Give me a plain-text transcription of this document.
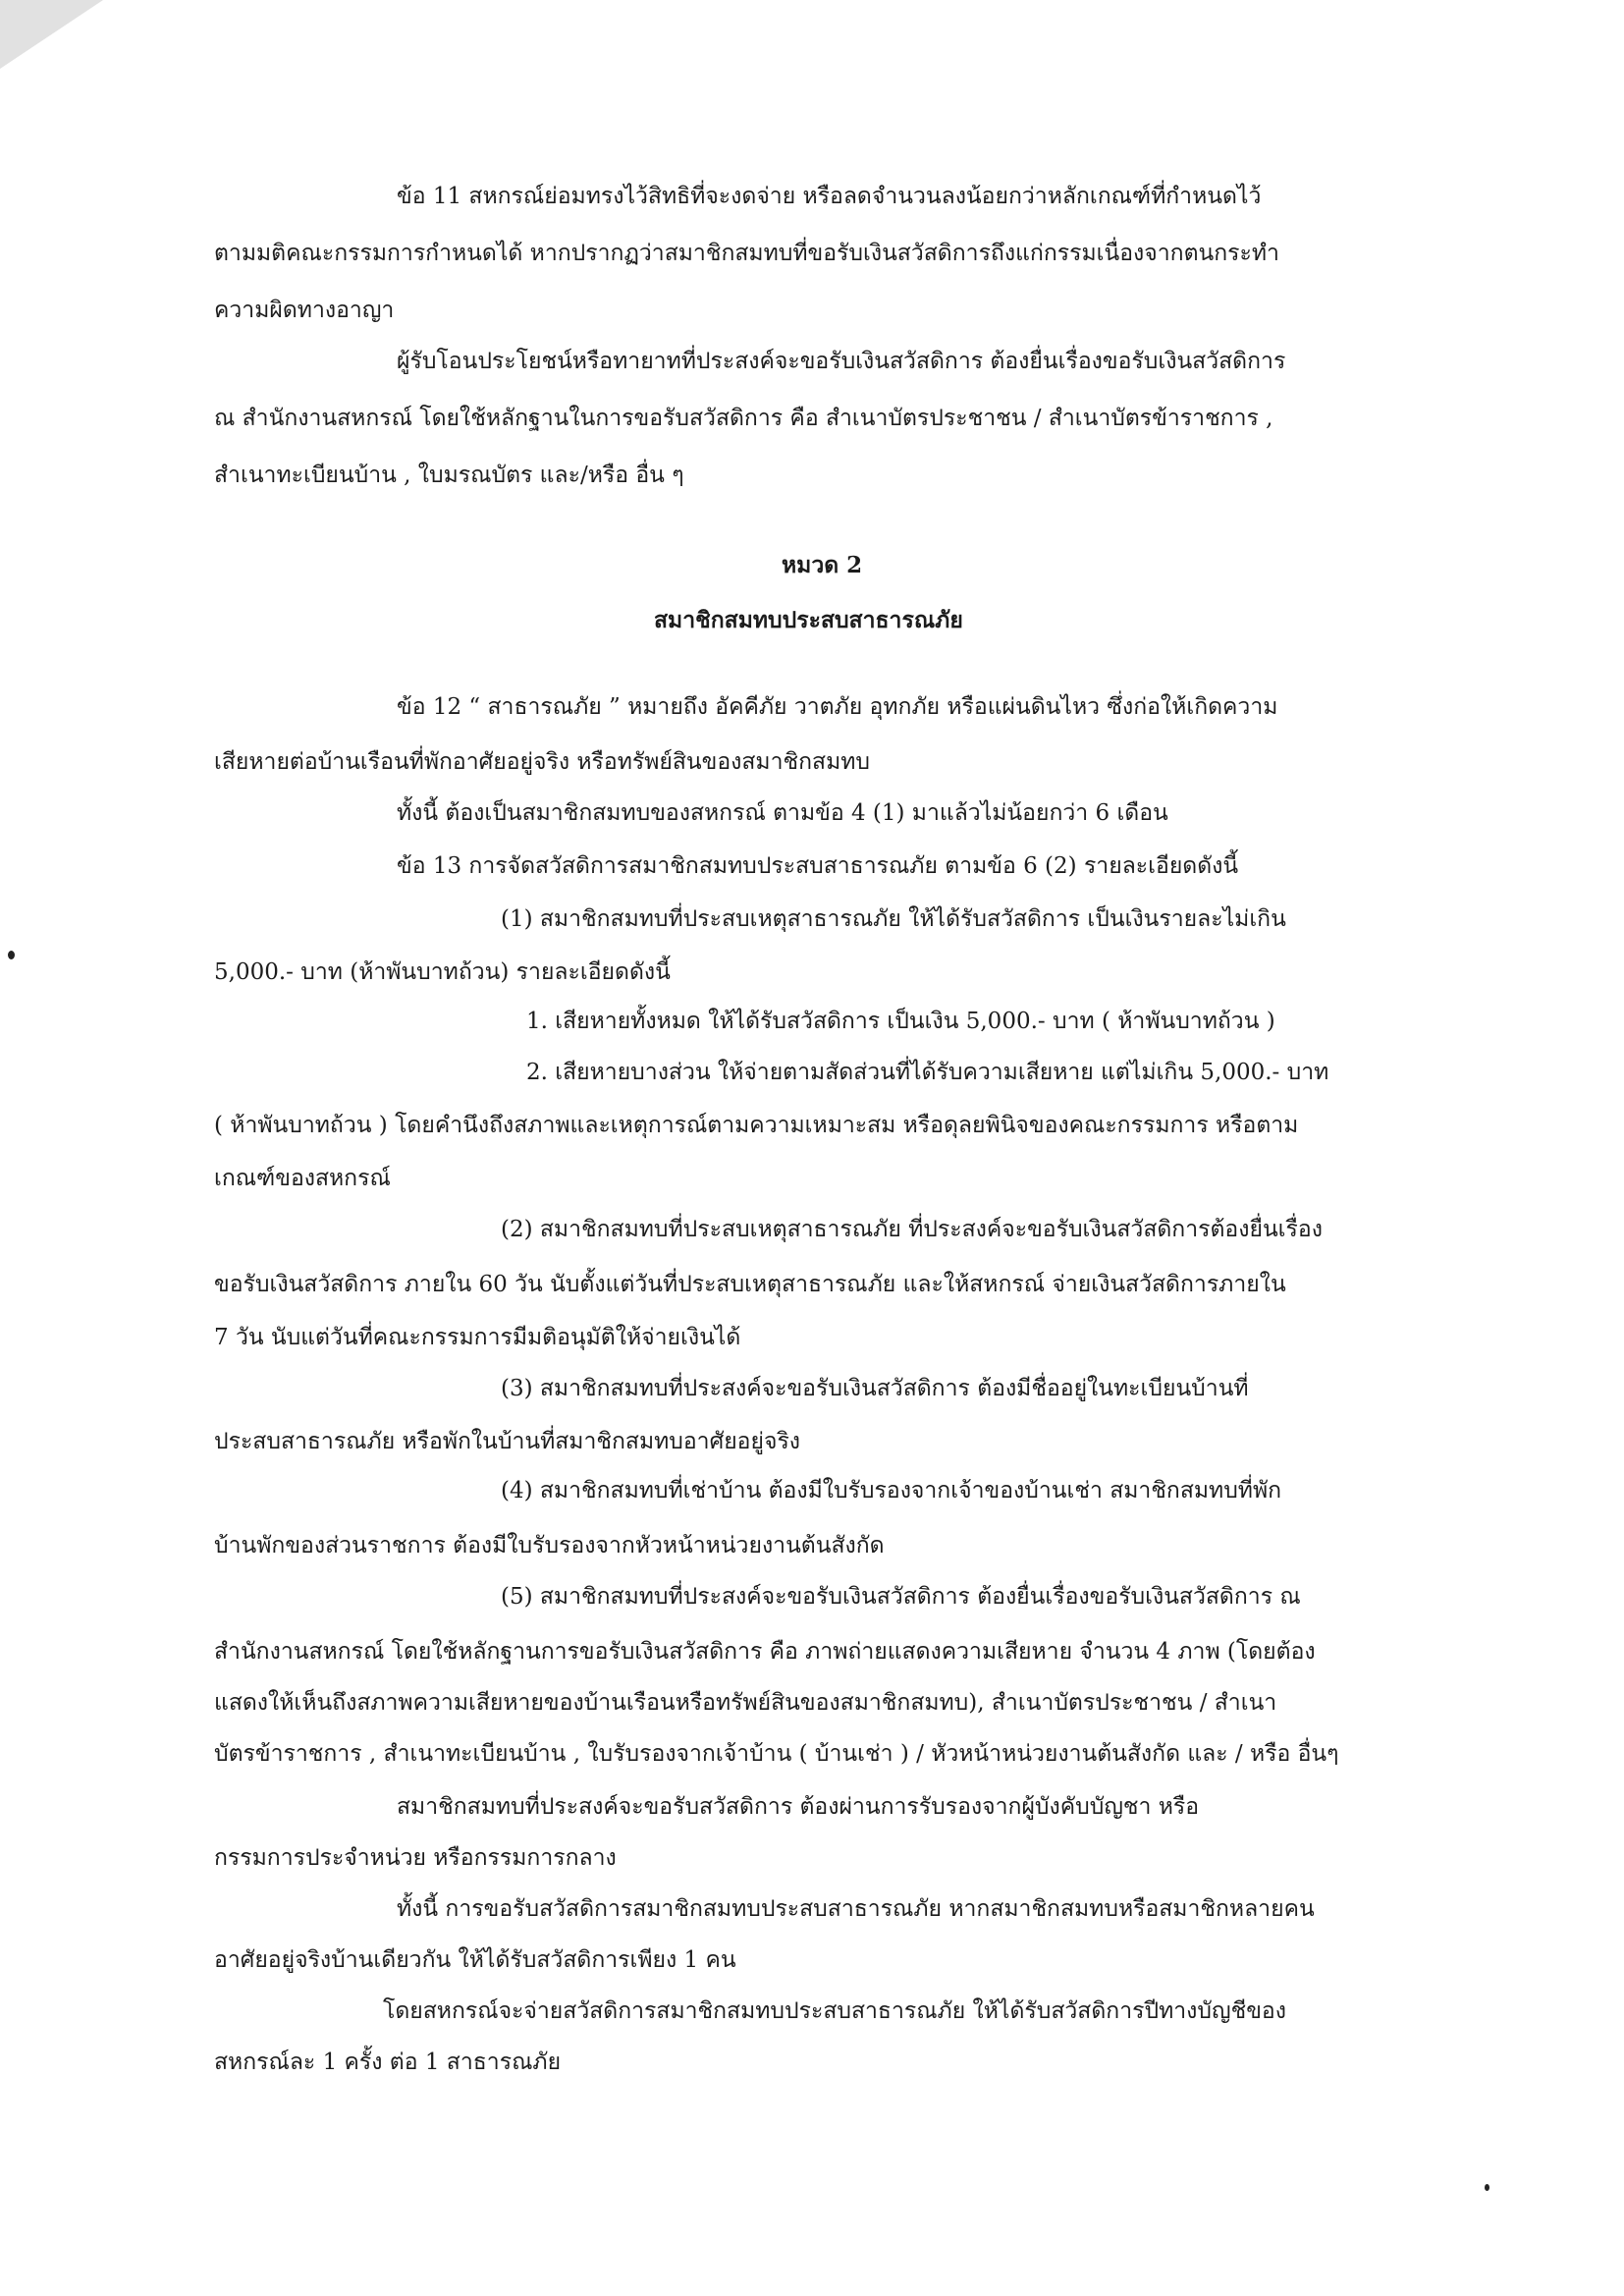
ข้อ 11 สหกรณ์ย่อมทรงไว้สิทธิที่จะงดจ่าย หรือลดจำนวนลงน้อยกว่าหลักเกณฑ์ที่กำหนดไว้
ตามมติคณะกรรมการกำหนดได้ หากปรากฏว่าสมาชิกสมทบที่ขอรับเงินสวัสดิการถึงแก่กรรมเนื่องจากตนกระทำ
ความผิดทางอาญา
ผู้รับโอนประโยชน์หรือทายาทที่ประสงค์จะขอรับเงินสวัสดิการ ต้องยื่นเรื่องขอรับเงินสวัสดิการ
ณ สำนักงานสหกรณ์ โดยใช้หลักฐานในการขอรับสวัสดิการ คือ สำเนาบัตรประชาชน / สำเนาบัตรข้าราชการ ,
สำเนาทะเบียนบ้าน , ใบมรณบัตร และ/หรือ อื่น ๆ
หมวด 2
สมาชิกสมทบประสบสาธารณภัย
ข้อ 12 “ สาธารณภัย ” หมายถึง อัคคีภัย วาตภัย อุทกภัย หรือแผ่นดินไหว ซึ่งก่อให้เกิดความ
เสียหายต่อบ้านเรือนที่พักอาศัยอยู่จริง หรือทรัพย์สินของสมาชิกสมทบ
ทั้งนี้ ต้องเป็นสมาชิกสมทบของสหกรณ์ ตามข้อ 4 (1) มาแล้วไม่น้อยกว่า 6 เดือน
ข้อ 13 การจัดสวัสดิการสมาชิกสมทบประสบสาธารณภัย ตามข้อ 6 (2) รายละเอียดดังนี้
(1) สมาชิกสมทบที่ประสบเหตุสาธารณภัย ให้ได้รับสวัสดิการ เป็นเงินรายละไม่เกิน
5,000.- บาท (ห้าพันบาทถ้วน) รายละเอียดดังนี้
1. เสียหายทั้งหมด ให้ได้รับสวัสดิการ เป็นเงิน 5,000.- บาท ( ห้าพันบาทถ้วน )
2. เสียหายบางส่วน ให้จ่ายตามสัดส่วนที่ได้รับความเสียหาย แต่ไม่เกิน 5,000.- บาท
( ห้าพันบาทถ้วน ) โดยคำนึงถึงสภาพและเหตุการณ์ตามความเหมาะสม หรือดุลยพินิจของคณะกรรมการ หรือตาม
เกณฑ์ของสหกรณ์
(2) สมาชิกสมทบที่ประสบเหตุสาธารณภัย ที่ประสงค์จะขอรับเงินสวัสดิการต้องยื่นเรื่อง
ขอรับเงินสวัสดิการ ภายใน 60 วัน นับตั้งแต่วันที่ประสบเหตุสาธารณภัย และให้สหกรณ์ จ่ายเงินสวัสดิการภายใน
7 วัน นับแต่วันที่คณะกรรมการมีมติอนุมัติให้จ่ายเงินได้
(3) สมาชิกสมทบที่ประสงค์จะขอรับเงินสวัสดิการ ต้องมีชื่ออยู่ในทะเบียนบ้านที่
ประสบสาธารณภัย หรือพักในบ้านที่สมาชิกสมทบอาศัยอยู่จริง
(4) สมาชิกสมทบที่เช่าบ้าน ต้องมีใบรับรองจากเจ้าของบ้านเช่า สมาชิกสมทบที่พัก
บ้านพักของส่วนราชการ ต้องมีใบรับรองจากหัวหน้าหน่วยงานต้นสังกัด
(5) สมาชิกสมทบที่ประสงค์จะขอรับเงินสวัสดิการ ต้องยื่นเรื่องขอรับเงินสวัสดิการ ณ
สำนักงานสหกรณ์ โดยใช้หลักฐานการขอรับเงินสวัสดิการ คือ ภาพถ่ายแสดงความเสียหาย จำนวน 4 ภาพ (โดยต้อง
แสดงให้เห็นถึงสภาพความเสียหายของบ้านเรือนหรือทรัพย์สินของสมาชิกสมทบ), สำเนาบัตรประชาชน / สำเนา
บัตรข้าราชการ , สำเนาทะเบียนบ้าน , ใบรับรองจากเจ้าบ้าน ( บ้านเช่า ) / หัวหน้าหน่วยงานต้นสังกัด และ / หรือ อื่นๆ
สมาชิกสมทบที่ประสงค์จะขอรับสวัสดิการ ต้องผ่านการรับรองจากผู้บังคับบัญชา หรือ
กรรมการประจำหน่วย หรือกรรมการกลาง
ทั้งนี้ การขอรับสวัสดิการสมาชิกสมทบประสบสาธารณภัย หากสมาชิกสมทบหรือสมาชิกหลายคน
อาศัยอยู่จริงบ้านเดียวกัน ให้ได้รับสวัสดิการเพียง 1 คน
โดยสหกรณ์จะจ่ายสวัสดิการสมาชิกสมทบประสบสาธารณภัย ให้ได้รับสวัสดิการปีทางบัญชีของ
สหกรณ์ละ 1 ครั้ง ต่อ 1 สาธารณภัย
